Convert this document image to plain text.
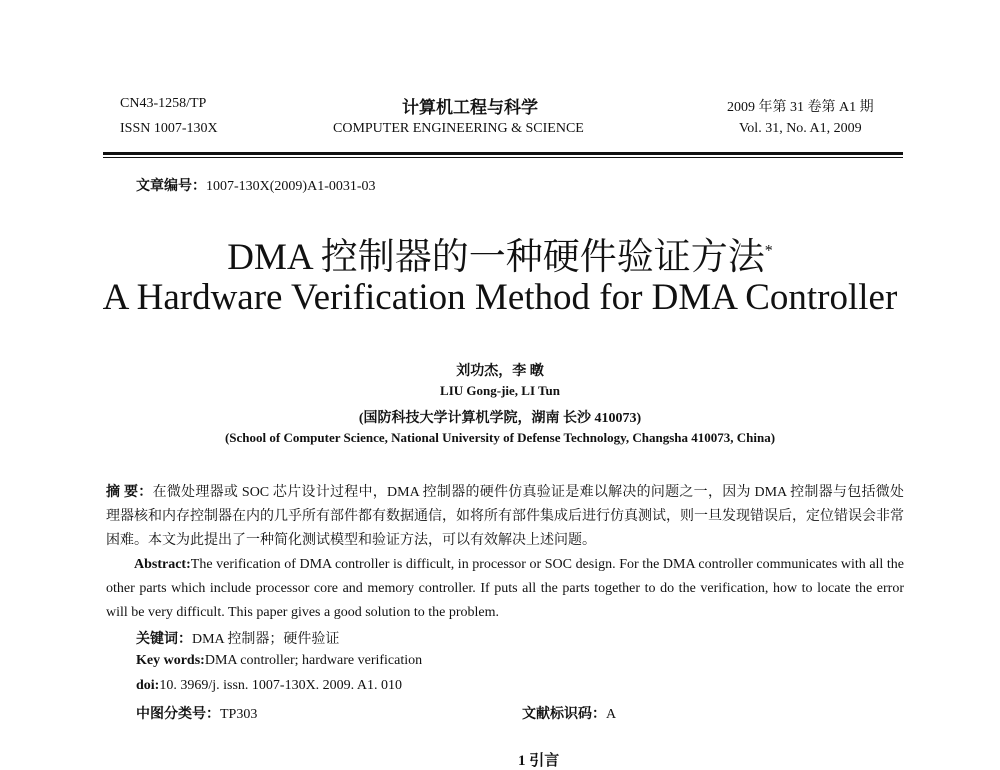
CN43-1258/TP
ISSN 1007-130X
计算机工程与科学
COMPUTER ENGINEERING & SCIENCE
2009 年第 31 卷第 A1 期
Vol. 31, No. A1, 2009
文章编号：1007-130X(2009)A1-0031-03
DMA 控制器的一种硬件验证方法*
A Hardware Verification Method for DMA Controller
刘功杰，李 暾
LIU Gong-jie, LI Tun
(国防科技大学计算机学院，湖南 长沙 410073)
(School of Computer Science, National University of Defense Technology, Changsha 410073, China)
摘 要：在微处理器或 SOC 芯片设计过程中，DMA 控制器的硬件仿真验证是难以解决的问题之一，因为 DMA 控制器与包括微处理器核和内存控制器在内的几乎所有部件都有数据通信，如将所有部件集成后进行仿真测试，则一旦发现错误后，定位错误会非常困难。本文为此提出了一种简化测试模型和验证方法，可以有效解决上述问题。
Abstract:The verification of DMA controller is difficult, in processor or SOC design. For the DMA controller communicates with all the other parts which include processor core and memory controller. If puts all the parts together to do the verification, how to locate the error will be very difficult. This paper gives a good solution to the problem.
关键词：DMA 控制器；硬件验证
Key words:DMA controller; hardware verification
doi:10. 3969/j. issn. 1007-130X. 2009. A1. 010
中图分类号：TP303	文献标识码：A
1 引言
